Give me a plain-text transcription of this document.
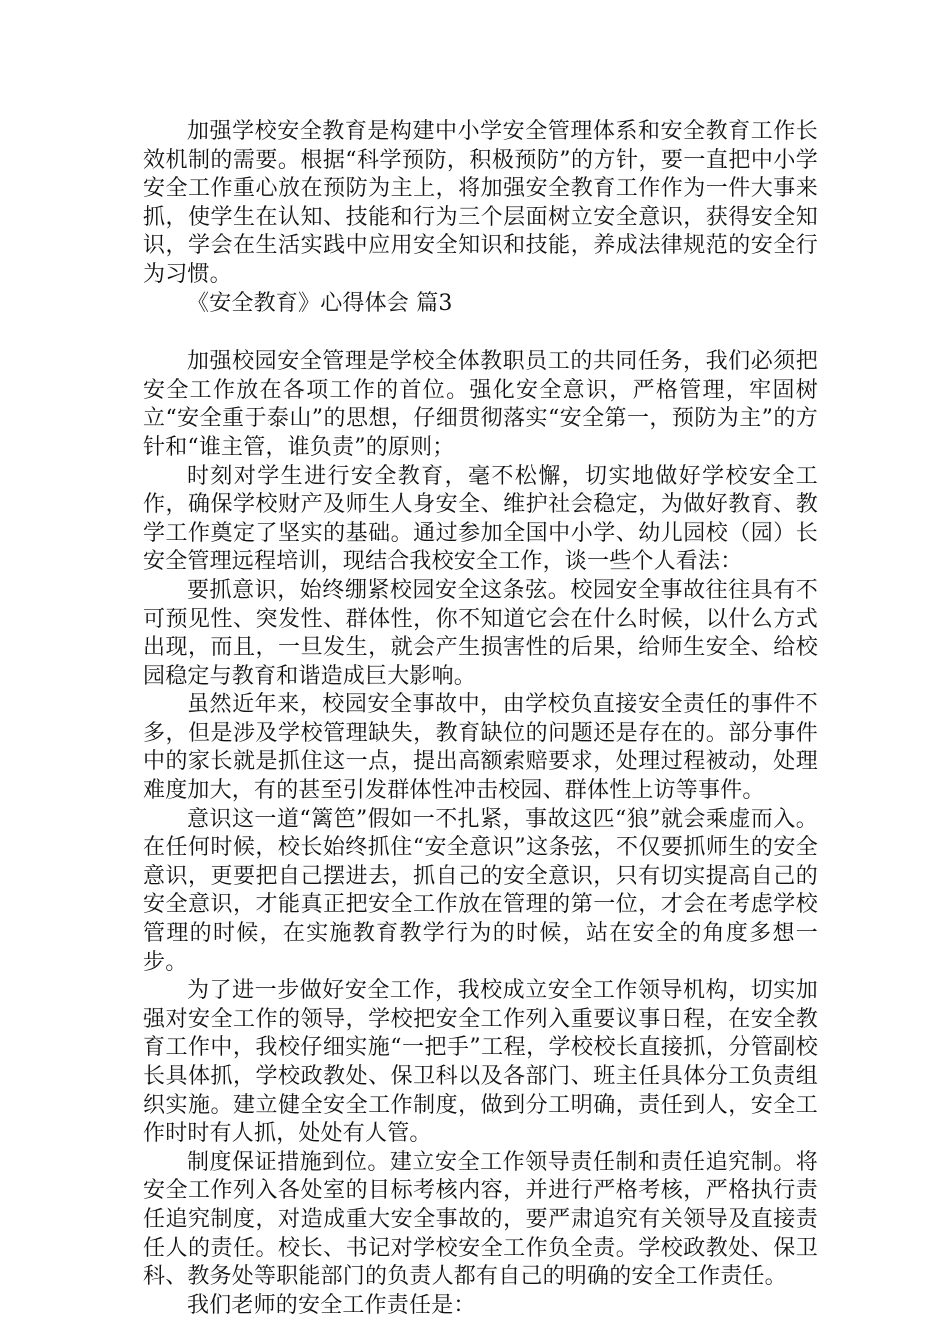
加强学校安全教育是构建中小学安全管理体系和安全教育工作长效机制的需要。根据“科学预防，积极预防”的方针，要一直把中小学安全工作重心放在预防为主上，将加强安全教育工作作为一件大事来抓，使学生在认知、技能和行为三个层面树立安全意识，获得安全知识，学会在生活实践中应用安全知识和技能，养成法律规范的安全行为习惯。

《安全教育》心得体会 篇3

加强校园安全管理是学校全体教职员工的共同任务，我们必须把安全工作放在各项工作的首位。强化安全意识，严格管理，牢固树立“安全重于泰山”的思想，仔细贯彻落实“安全第一，预防为主”的方针和“谁主管，谁负责”的原则；

时刻对学生进行安全教育，毫不松懈，切实地做好学校安全工作，确保学校财产及师生人身安全、维护社会稳定，为做好教育、教学工作奠定了坚实的基础。通过参加全国中小学、幼儿园校（园）长安全管理远程培训，现结合我校安全工作，谈一些个人看法：

要抓意识，始终绷紧校园安全这条弦。校园安全事故往往具有不可预见性、突发性、群体性，你不知道它会在什么时候，以什么方式出现，而且，一旦发生，就会产生损害性的后果，给师生安全、给校园稳定与教育和谐造成巨大影响。

虽然近年来，校园安全事故中，由学校负直接安全责任的事件不多，但是涉及学校管理缺失，教育缺位的问题还是存在的。部分事件中的家长就是抓住这一点，提出高额索赔要求，处理过程被动，处理难度加大，有的甚至引发群体性冲击校园、群体性上访等事件。

意识这一道“篱笆”假如一不扎紧，事故这匹“狼”就会乘虚而入。在任何时候，校长始终抓住“安全意识”这条弦，不仅要抓师生的安全意识，更要把自己摆进去，抓自己的安全意识，只有切实提高自己的安全意识，才能真正把安全工作放在管理的第一位，才会在考虑学校管理的时候，在实施教育教学行为的时候，站在安全的角度多想一步。

为了进一步做好安全工作，我校成立安全工作领导机构，切实加强对安全工作的领导，学校把安全工作列入重要议事日程，在安全教育工作中，我校仔细实施“一把手”工程，学校校长直接抓，分管副校长具体抓，学校政教处、保卫科以及各部门、班主任具体分工负责组织实施。建立健全安全工作制度，做到分工明确，责任到人，安全工作时时有人抓，处处有人管。

制度保证措施到位。建立安全工作领导责任制和责任追究制。将安全工作列入各处室的目标考核内容，并进行严格考核，严格执行责任追究制度，对造成重大安全事故的，要严肃追究有关领导及直接责任人的责任。校长、书记对学校安全工作负全责。学校政教处、保卫科、教务处等职能部门的负责人都有自己的明确的安全工作责任。

我们老师的安全工作责任是：
